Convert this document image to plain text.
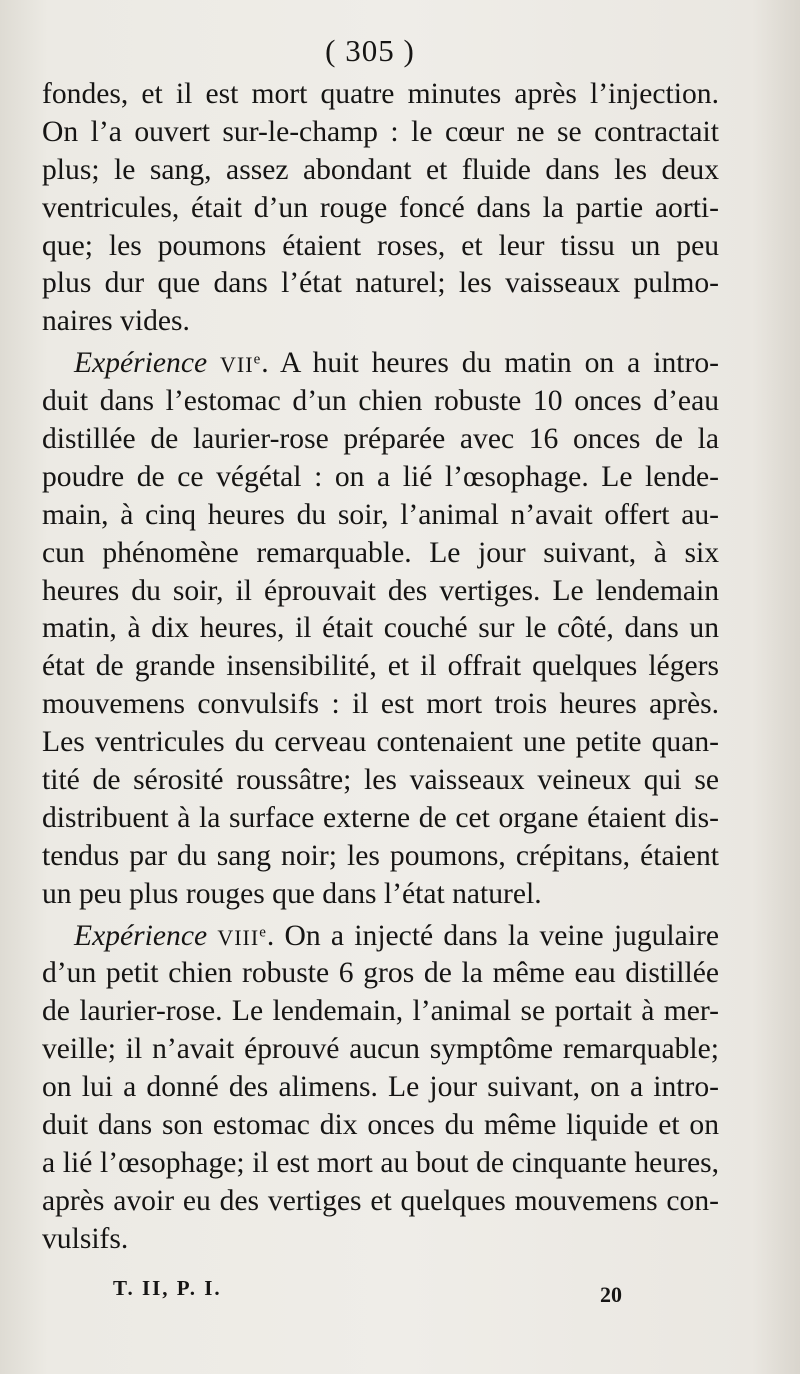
( 305 )
fondes, et il est mort quatre minutes après l’injection.
On l’a ouvert sur-le-champ : le cœur ne se contractait
plus; le sang, assez abondant et fluide dans les deux
ventricules, était d’un rouge foncé dans la partie aorti-
que; les poumons étaient roses, et leur tissu un peu
plus dur que dans l’état naturel; les vaisseaux pulmo-
naires vides.
Expérience VIIe. A huit heures du matin on a intro-
duit dans l’estomac d’un chien robuste 10 onces d’eau
distillée de laurier-rose préparée avec 16 onces de la
poudre de ce végétal : on a lié l’œsophage. Le lende-
main, à cinq heures du soir, l’animal n’avait offert au-
cun phénomène remarquable. Le jour suivant, à six
heures du soir, il éprouvait des vertiges. Le lendemain
matin, à dix heures, il était couché sur le côté, dans un
état de grande insensibilité, et il offrait quelques légers
mouvemens convulsifs : il est mort trois heures après.
Les ventricules du cerveau contenaient une petite quan-
tité de sérosité roussâtre; les vaisseaux veineux qui se
distribuent à la surface externe de cet organe étaient dis-
tendus par du sang noir; les poumons, crépitans, étaient
un peu plus rouges que dans l’état naturel.
Expérience VIIIe. On a injecté dans la veine jugulaire
d’un petit chien robuste 6 gros de la même eau distillée
de laurier-rose. Le lendemain, l’animal se portait à mer-
veille; il n’avait éprouvé aucun symptôme remarquable;
on lui a donné des alimens. Le jour suivant, on a intro-
duit dans son estomac dix onces du même liquide et on
a lié l’œsophage; il est mort au bout de cinquante heures,
après avoir eu des vertiges et quelques mouvemens con-
vulsifs.
T. II, P. I.	20
